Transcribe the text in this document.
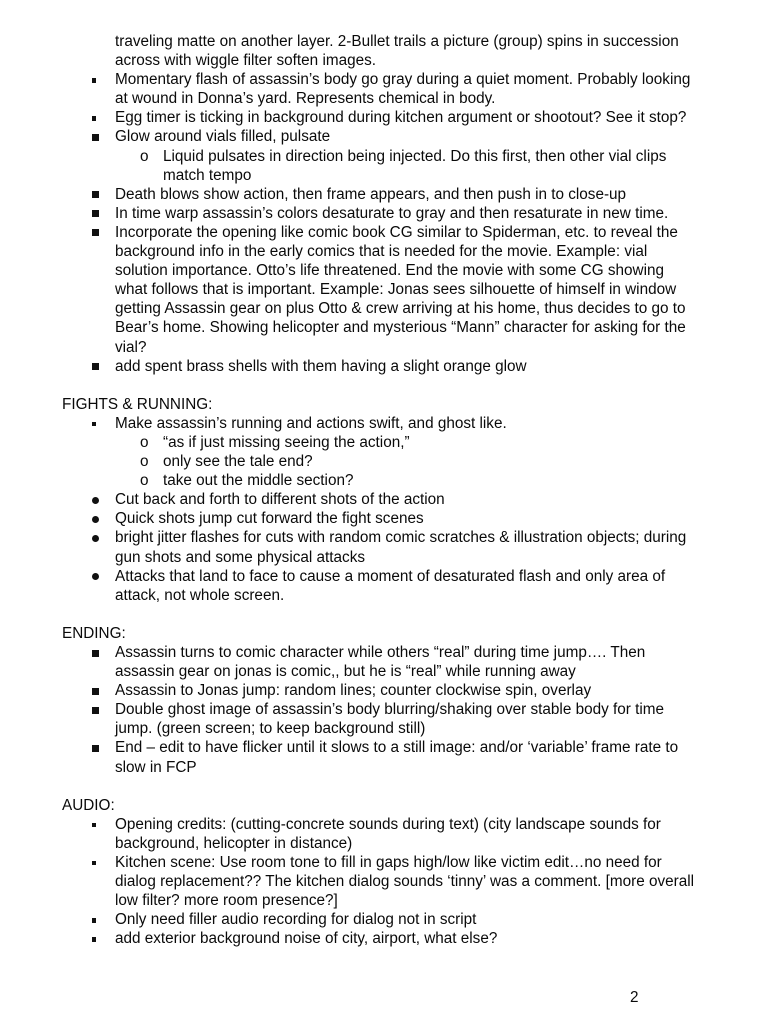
traveling matte on another layer. 2-Bullet trails a picture (group) spins in succession across with wiggle filter soften images.
Momentary flash of assassin’s body go gray during a quiet moment. Probably looking at wound in Donna’s yard. Represents chemical in body.
Egg timer is ticking in background during kitchen argument or shootout? See it stop?
Glow around vials filled, pulsate
o Liquid pulsates in direction being injected. Do this first, then other vial clips match tempo
Death blows show action, then frame appears, and then push in to close-up
In time warp assassin’s colors desaturate to gray and then resaturate in new time.
Incorporate the opening like comic book CG similar to Spiderman, etc. to reveal the background info in the early comics that is needed for the movie. Example: vial solution importance. Otto’s life threatened. End the movie with some CG showing what follows that is important. Example: Jonas sees silhouette of himself in window getting Assassin gear on plus Otto & crew arriving at his home, thus decides to go to Bear’s home. Showing helicopter and mysterious “Mann” character for asking for the vial?
add spent brass shells with them having a slight orange glow
FIGHTS & RUNNING:
Make assassin’s running and actions swift, and ghost like.
o “as if just missing seeing the action,”
o only see the tale end?
o take out the middle section?
Cut back and forth to different shots of the action
Quick shots jump cut forward the fight scenes
bright jitter flashes for cuts with random comic scratches & illustration objects; during gun shots and some physical attacks
Attacks that land to face to cause a moment of desaturated flash and only area of attack, not whole screen.
ENDING:
Assassin turns to comic character while others “real” during time jump…. Then assassin gear on jonas is comic,, but he is “real” while running away
Assassin to Jonas jump: random lines; counter clockwise spin, overlay
Double ghost image of assassin’s body blurring/shaking over stable body for time jump. (green screen; to keep background still)
End – edit to have flicker until it slows to a still image: and/or ‘variable’ frame rate to slow in FCP
AUDIO:
Opening credits: (cutting-concrete sounds during text) (city landscape sounds for background, helicopter in distance)
Kitchen scene: Use room tone to fill in gaps high/low like victim edit…no need for dialog replacement?? The kitchen dialog sounds ‘tinny’ was a comment. [more overall low filter? more room presence?]
Only need filler audio recording for dialog not in script
add exterior background noise of city, airport, what else?
2
